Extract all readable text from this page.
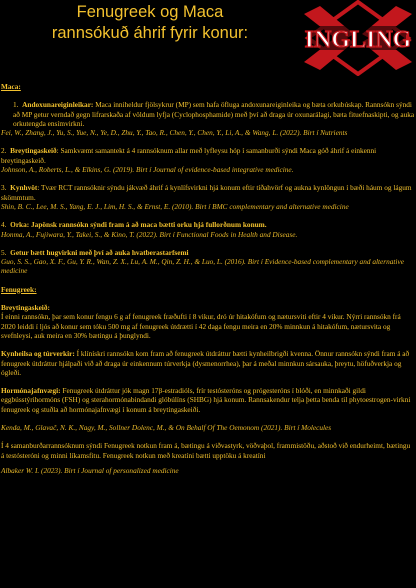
Fenugreek og Maca
rannsókuð áhrif fyrir konur:	INGLING

Maca:

1. Andoxunareiginleikar: Maca inniheldur fjölsykrur (MP) sem hafa öfluga andoxunareiginleika og bæta orkubúskap. Rannsókn sýndi að MP getur verndað gegn lifrarskaða af völdum lyfja (Cyclophosphamide) með því að draga úr oxunarálagi, bæta fituefnaskipti, og auka orkutengda ensímvirkni.

Fei, W., Zhang, J., Yu, S., Yue, N., Ye, D., Zhu, Y., Tao, R., Chen, Y., Chen, Y., Li, A., & Wang, L. (2022). Birt í Nutrients

2. Breytingaskeið: Samkvæmt samantekt á 4 rannsóknum allar með lyfleysu hóp í samanburði sýndi Maca góð áhrif á einkenni breytingaskeið.

Johnson, A., Roberts, L., & Elkins, G. (2019). Birt í Journal of evidence-based integrative medicine.

3. Kynhvöt: Tvær RCT rannsóknir sýndu jákvæð áhrif á kynlífsvirkni hjá konum eftir tíðahvörf og aukna kynlöngun í bæði háum og lágum skömmtum.

Shin, B. C., Lee, M. S., Yang, E. J., Lim, H. S., & Ernst, E. (2010). Birt í BMC complementary and alternative medicine

4. Orka: Japönsk rannsókn sýndi fram á að maca bætti orku hjá fullorðnum konum.

Honma, A., Fujiwara, Y., Takei, S., & Kino, T. (2022). Birt í Functional Foods in Health and Disease.

5. Getur bætt hugvirkni með því að auka hvatberastarfsemi

Guo, S. S., Gao, X. F., Gu, Y. R., Wan, Z. X., Lu, A. M., Qin, Z. H., & Luo, L. (2016). Birt í Evidence-based complementary and alternative medicine

Fenugreek:

Breytingaskeið:

Í einni rannsókn, þar sem konur fengu 6 g af fenugreek fræðufti í 8 vikur, dró úr hitakófum og nætursviti eftir 4 vikur. Nýrri rannsókn frá 2020 leiddi í ljós að konur sem tóku 500 mg af fenugreek útdrætti í 42 daga fengu meira en 20% minnkun á hitakófum, nætursvita og svefnleysi, auk meira en 30% bætingu á þunglyndi.

Kynheilsa og túrverkir: Í klínískri rannsókn kom fram að fenugreek útdráttur bætti kynheilbrigði kvenna. Önnur rannsókn sýndi fram á að fenugreek útdráttur hjálpaði við að draga úr einkennum túrverkja (dysmenorrhea), þar á meðal minnkun sársauka, þreytu, höfuðverkja og ógleði.

Hormónajafnvægi: Fenugreek útdráttur jók magn 17β-estradióls, frír testósteróns og prógesteróns í blóði, en minnkaði gildi eggbússtýrihormóns (FSH) og sterahormónabindandi glóbúlíns (SHBG) hjá konum. Rannsakendur telja þetta benda til phytoestrogen-virkni fenugreek og stuðla að hormónajafnvægi í konum á breytingaskeiði.

Kenda, M., Glavač, N. K., Nagy, M., Sollner Dolenc, M., & On Behalf Of The Oemonom (2021). Birt í Molecules

Í 4 samanburðarrannsóknum sýndi Fenugreek notkun fram á, bætingu á viðvastyrk, vöðvaþol, frammistöðu, aðstoð við endurheimt, bætingu á testósteróni og minni líkamsfitu. Fenugreek notkun með kreatíni bætti upptöku á kreatíni

Albaker W. I. (2023). Birt í Journal of personalized medicine
